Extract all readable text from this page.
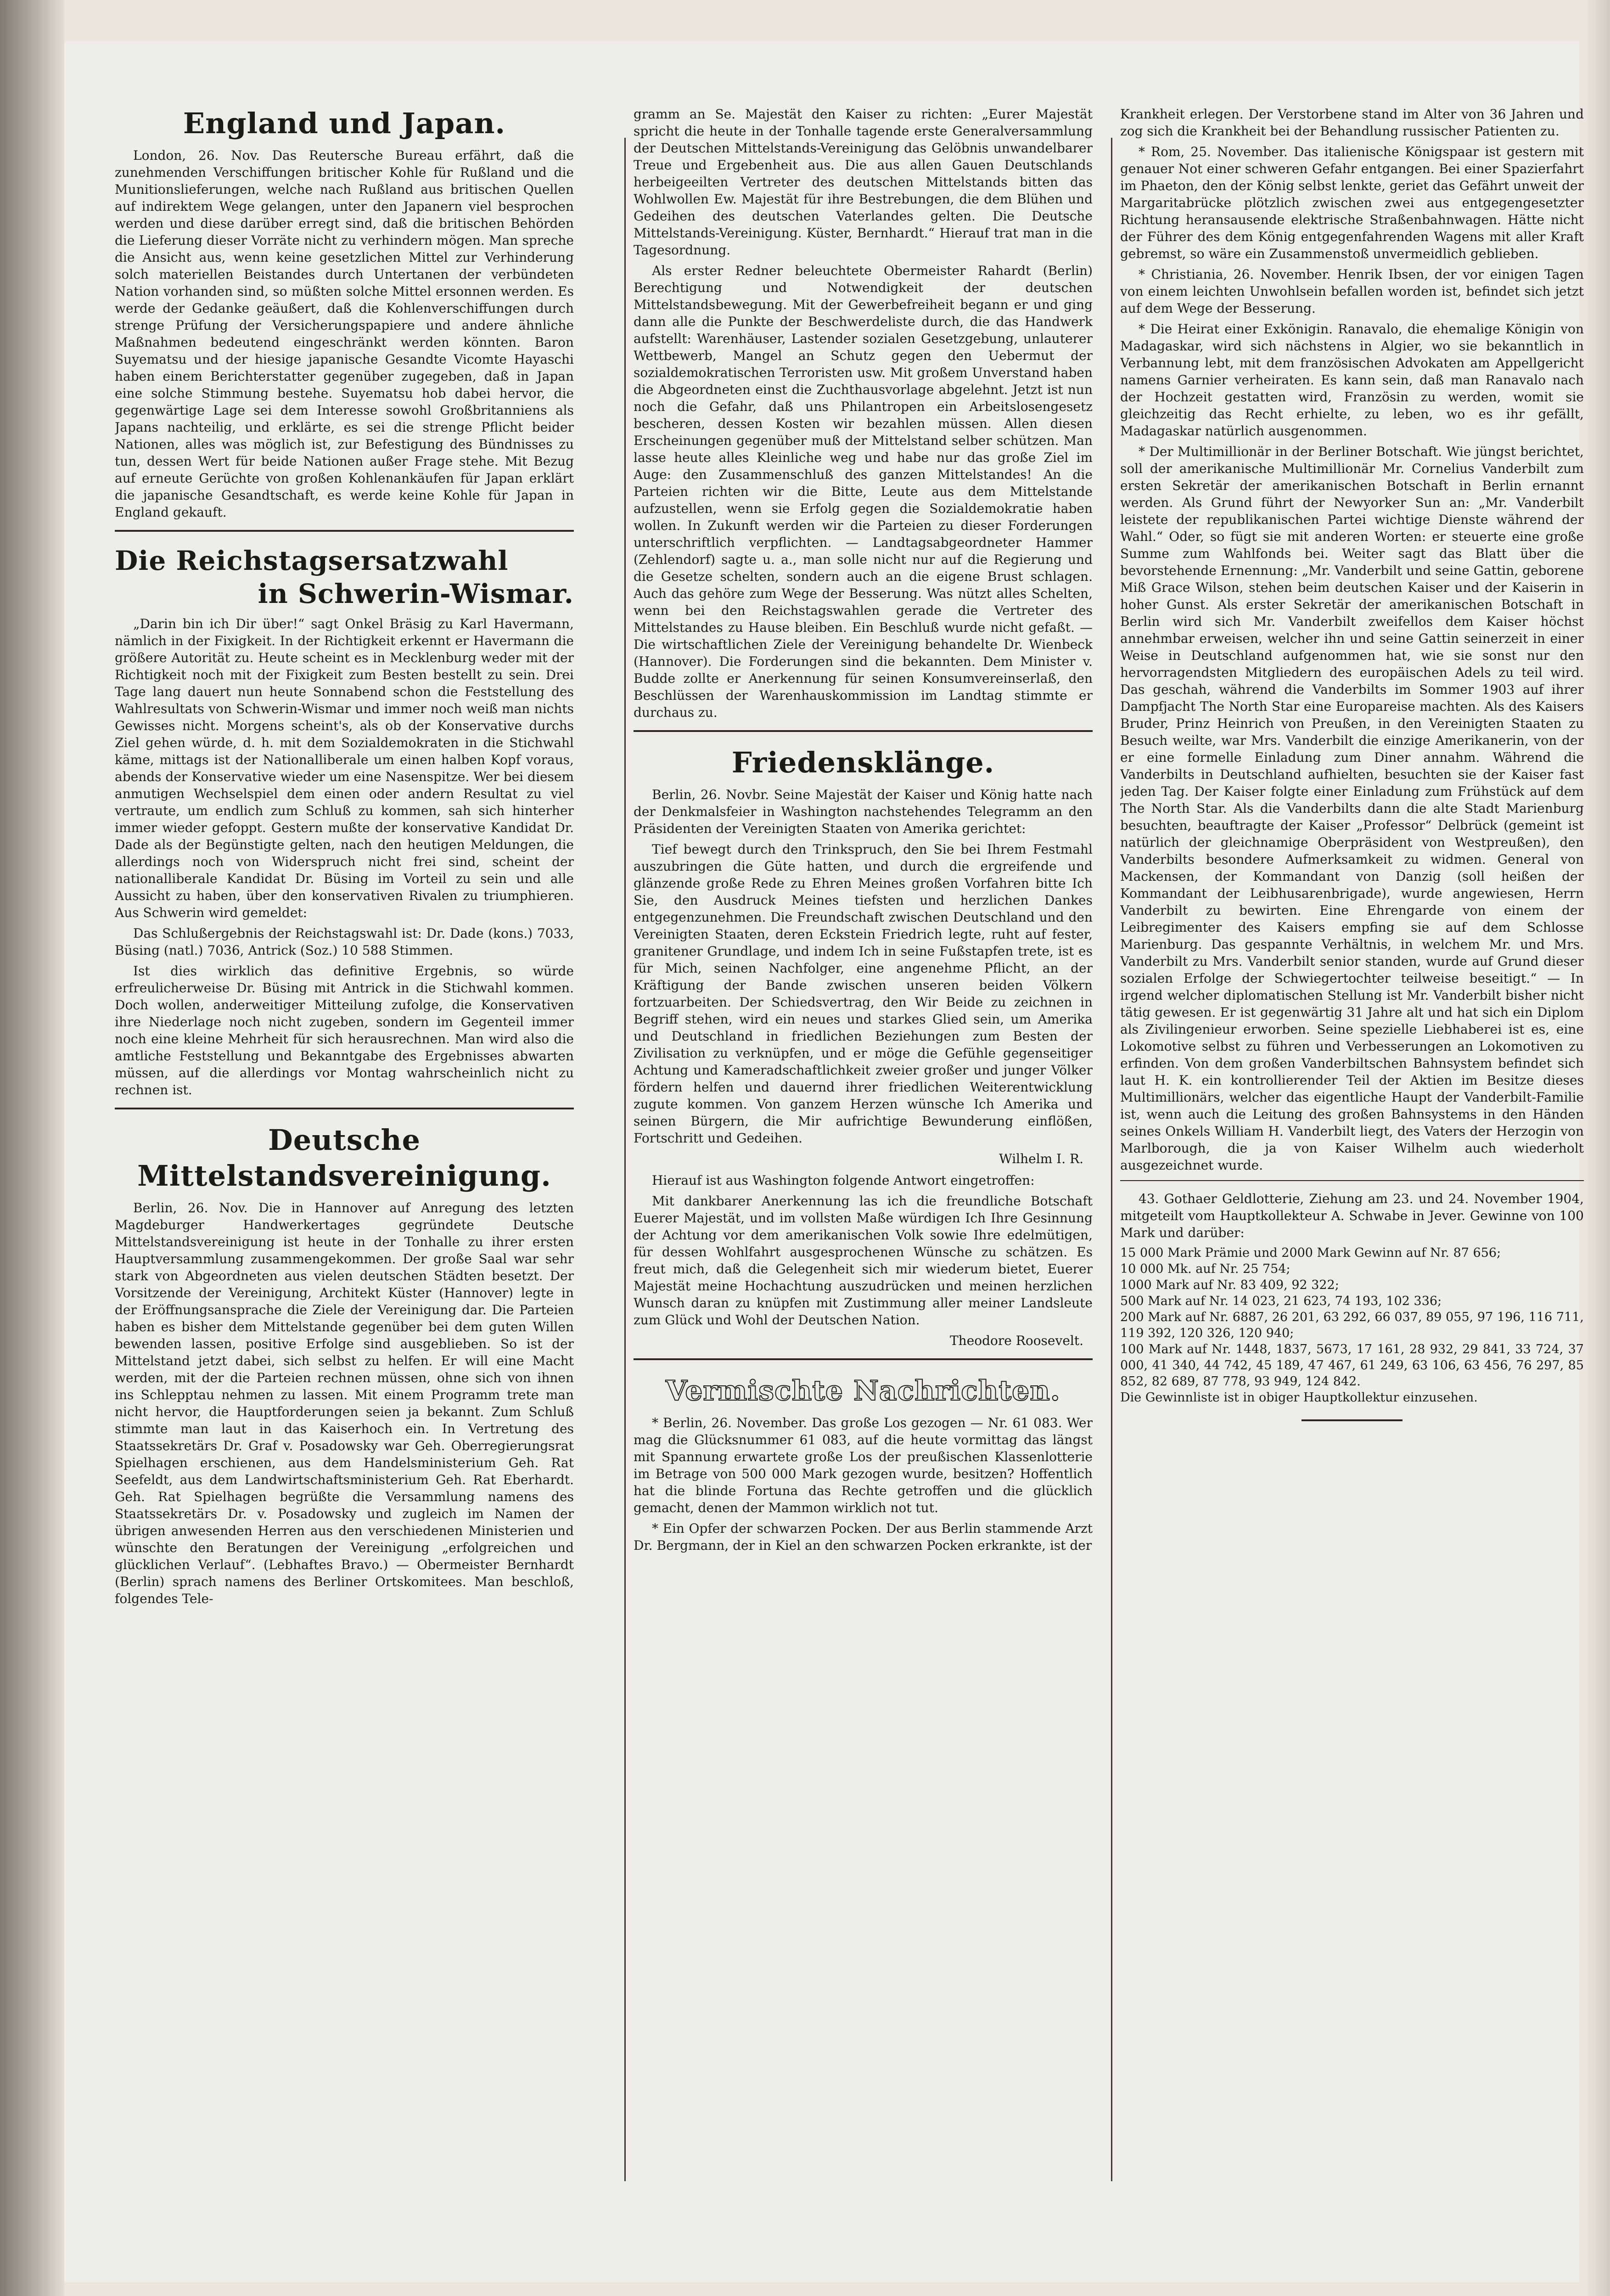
England und Japan.

London, 26. Nov. Das Reutersche Bureau erfährt, daß die zunehmenden Verschiffungen britischer Kohle für Rußland und die Munitionslieferungen, welche nach Rußland aus britischen Quellen auf indirektem Wege gelangen, unter den Japanern viel besprochen werden und diese darüber erregt sind, daß die britischen Behörden die Lieferung dieser Vorräte nicht zu verhindern mögen. Man spreche die Ansicht aus, wenn keine gesetzlichen Mittel zur Verhinderung solch materiellen Beistandes durch Untertanen der verbündeten Nation vorhanden sind, so müßten solche Mittel ersonnen werden. Es werde der Gedanke geäußert, daß die Kohlenverschiffungen durch strenge Prüfung der Versicherungspapiere und andere ähnliche Maßnahmen bedeutend eingeschränkt werden könnten. Baron Suyematsu und der hiesige japanische Gesandte Vicomte Hayaschi haben einem Berichterstatter gegenüber zugegeben, daß in Japan eine solche Stimmung bestehe. Suyematsu hob dabei hervor, die gegenwärtige Lage sei dem Interesse sowohl Großbritanniens als Japans nachteilig, und erklärte, es sei die strenge Pflicht beider Nationen, alles was möglich ist, zur Befestigung des Bündnisses zu tun, dessen Wert für beide Nationen außer Frage stehe. Mit Bezug auf erneute Gerüchte von großen Kohlenankäufen für Japan erklärt die japanische Gesandtschaft, es werde keine Kohle für Japan in England gekauft.

Die Reichstagsersatzwahl
in Schwerin-Wismar.

„Darin bin ich Dir über!“ sagt Onkel Bräsig zu Karl Havermann, nämlich in der Fixigkeit. In der Richtigkeit erkennt er Havermann die größere Autorität zu. Heute scheint es in Mecklenburg weder mit der Richtigkeit noch mit der Fixigkeit zum Besten bestellt zu sein. Drei Tage lang dauert nun heute Sonnabend schon die Feststellung des Wahlresultats von Schwerin-Wismar und immer noch weiß man nichts Gewisses nicht. Morgens scheint's, als ob der Konservative durchs Ziel gehen würde, d. h. mit dem Sozialdemokraten in die Stichwahl käme, mittags ist der Nationalliberale um einen halben Kopf voraus, abends der Konservative wieder um eine Nasenspitze. Wer bei diesem anmutigen Wechselspiel dem einen oder andern Resultat zu viel vertraute, um endlich zum Schluß zu kommen, sah sich hinterher immer wieder gefoppt. Gestern mußte der konservative Kandidat Dr. Dade als der Begünstigte gelten, nach den heutigen Meldungen, die allerdings noch von Widerspruch nicht frei sind, scheint der nationalliberale Kandidat Dr. Büsing im Vorteil zu sein und alle Aussicht zu haben, über den konservativen Rivalen zu triumphieren. Aus Schwerin wird gemeldet:

Das Schlußergebnis der Reichstagswahl ist: Dr. Dade (kons.) 7033, Büsing (natl.) 7036, Antrick (Soz.) 10 588 Stimmen.

Ist dies wirklich das definitive Ergebnis, so würde erfreulicherweise Dr. Büsing mit Antrick in die Stichwahl kommen. Doch wollen, anderweitiger Mitteilung zufolge, die Konservativen ihre Niederlage noch nicht zugeben, sondern im Gegenteil immer noch eine kleine Mehrheit für sich herausrechnen. Man wird also die amtliche Feststellung und Bekanntgabe des Ergebnisses abwarten müssen, auf die allerdings vor Montag wahrscheinlich nicht zu rechnen ist.

Deutsche Mittelstandsvereinigung.

Berlin, 26. Nov. Die in Hannover auf Anregung des letzten Magdeburger Handwerkertages gegründete Deutsche Mittelstandsvereinigung ist heute in der Tonhalle zu ihrer ersten Hauptversammlung zusammengekommen. Der große Saal war sehr stark von Abgeordneten aus vielen deutschen Städten besetzt. Der Vorsitzende der Vereinigung, Architekt Küster (Hannover) legte in der Eröffnungsansprache die Ziele der Vereinigung dar. Die Parteien haben es bisher dem Mittelstande gegenüber bei dem guten Willen bewenden lassen, positive Erfolge sind ausgeblieben. So ist der Mittelstand jetzt dabei, sich selbst zu helfen. Er will eine Macht werden, mit der die Parteien rechnen müssen, ohne sich von ihnen ins Schlepptau nehmen zu lassen. Mit einem Programm trete man nicht hervor, die Hauptforderungen seien ja bekannt. Zum Schluß stimmte man laut in das Kaiserhoch ein. In Vertretung des Staatssekretärs Dr. Graf v. Posadowsky war Geh. Oberregierungsrat Spielhagen erschienen, aus dem Handelsministerium Geh. Rat Seefeldt, aus dem Landwirtschaftsministerium Geh. Rat Eberhardt. Geh. Rat Spielhagen begrüßte die Versammlung namens des Staatssekretärs Dr. v. Posadowsky und zugleich im Namen der übrigen anwesenden Herren aus den verschiedenen Ministerien und wünschte den Beratungen der Vereinigung „erfolgreichen und glücklichen Verlauf“. (Lebhaftes Bravo.) — Obermeister Bernhardt (Berlin) sprach namens des Berliner Ortskomitees. Man beschloß, folgendes Tele-

gramm an Se. Majestät den Kaiser zu richten: „Eurer Majestät spricht die heute in der Tonhalle tagende erste Generalversammlung der Deutschen Mittelstands-Vereinigung das Gelöbnis unwandelbarer Treue und Ergebenheit aus. Die aus allen Gauen Deutschlands herbeigeeilten Vertreter des deutschen Mittelstands bitten das Wohlwollen Ew. Majestät für ihre Bestrebungen, die dem Blühen und Gedeihen des deutschen Vaterlandes gelten. Die Deutsche Mittelstands-Vereinigung. Küster, Bernhardt.“ Hierauf trat man in die Tagesordnung.

Als erster Redner beleuchtete Obermeister Rahardt (Berlin) Berechtigung und Notwendigkeit der deutschen Mittelstandsbewegung. Mit der Gewerbefreiheit begann er und ging dann alle die Punkte der Beschwerdeliste durch, die das Handwerk aufstellt: Warenhäuser, Lastender sozialen Gesetzgebung, unlauterer Wettbewerb, Mangel an Schutz gegen den Uebermut der sozialdemokratischen Terroristen usw. Mit großem Unverstand haben die Abgeordneten einst die Zuchthausvorlage abgelehnt. Jetzt ist nun noch die Gefahr, daß uns Philantropen ein Arbeitslosengesetz bescheren, dessen Kosten wir bezahlen müssen. Allen diesen Erscheinungen gegenüber muß der Mittelstand selber schützen. Man lasse heute alles Kleinliche weg und habe nur das große Ziel im Auge: den Zusammenschluß des ganzen Mittelstandes! An die Parteien richten wir die Bitte, Leute aus dem Mittelstande aufzustellen, wenn sie Erfolg gegen die Sozialdemokratie haben wollen. In Zukunft werden wir die Parteien zu dieser Forderungen unterschriftlich verpflichten. — Landtagsabgeordneter Hammer (Zehlendorf) sagte u. a., man solle nicht nur auf die Regierung und die Gesetze schelten, sondern auch an die eigene Brust schlagen. Auch das gehöre zum Wege der Besserung. Was nützt alles Schelten, wenn bei den Reichstagswahlen gerade die Vertreter des Mittelstandes zu Hause bleiben. Ein Beschluß wurde nicht gefaßt. — Die wirtschaftlichen Ziele der Vereinigung behandelte Dr. Wienbeck (Hannover). Die Forderungen sind die bekannten. Dem Minister v. Budde zollte er Anerkennung für seinen Konsumvereinserlaß, den Beschlüssen der Warenhauskommission im Landtag stimmte er durchaus zu.

Friedensklänge.

Berlin, 26. Novbr. Seine Majestät der Kaiser und König hatte nach der Denkmalsfeier in Washington nachstehendes Telegramm an den Präsidenten der Vereinigten Staaten von Amerika gerichtet:

Tief bewegt durch den Trinkspruch, den Sie bei Ihrem Festmahl auszubringen die Güte hatten, und durch die ergreifende und glänzende große Rede zu Ehren Meines großen Vorfahren bitte Ich Sie, den Ausdruck Meines tiefsten und herzlichen Dankes entgegenzunehmen. Die Freundschaft zwischen Deutschland und den Vereinigten Staaten, deren Eckstein Friedrich legte, ruht auf fester, granitener Grundlage, und indem Ich in seine Fußstapfen trete, ist es für Mich, seinen Nachfolger, eine angenehme Pflicht, an der Kräftigung der Bande zwischen unseren beiden Völkern fortzuarbeiten. Der Schiedsvertrag, den Wir Beide zu zeichnen in Begriff stehen, wird ein neues und starkes Glied sein, um Amerika und Deutschland in friedlichen Beziehungen zum Besten der Zivilisation zu verknüpfen, und er möge die Gefühle gegenseitiger Achtung und Kameradschaftlichkeit zweier großer und junger Völker fördern helfen und dauernd ihrer friedlichen Weiterentwicklung zugute kommen. Von ganzem Herzen wünsche Ich Amerika und seinen Bürgern, die Mir aufrichtige Bewunderung einflößen, Fortschritt und Gedeihen.

Wilhelm I. R.

Hierauf ist aus Washington folgende Antwort eingetroffen:

Mit dankbarer Anerkennung las ich die freundliche Botschaft Euerer Majestät, und im vollsten Maße würdigen Ich Ihre Gesinnung der Achtung vor dem amerikanischen Volk sowie Ihre edelmütigen, für dessen Wohlfahrt ausgesprochenen Wünsche zu schätzen. Es freut mich, daß die Gelegenheit sich mir wiederum bietet, Euerer Majestät meine Hochachtung auszudrücken und meinen herzlichen Wunsch daran zu knüpfen mit Zustimmung aller meiner Landsleute zum Glück und Wohl der Deutschen Nation.

Theodore Roosevelt.

Vermischte Nachrichten.

* Berlin, 26. November. Das große Los gezogen — Nr. 61 083. Wer mag die Glücksnummer 61 083, auf die heute vormittag das längst mit Spannung erwartete große Los der preußischen Klassenlotterie im Betrage von 500 000 Mark gezogen wurde, besitzen? Hoffentlich hat die blinde Fortuna das Rechte getroffen und die glücklich gemacht, denen der Mammon wirklich not tut.

* Ein Opfer der schwarzen Pocken. Der aus Berlin stammende Arzt Dr. Bergmann, der in Kiel an den schwarzen Pocken erkrankte, ist der

Krankheit erlegen. Der Verstorbene stand im Alter von 36 Jahren und zog sich die Krankheit bei der Behandlung russischer Patienten zu.

* Rom, 25. November. Das italienische Königspaar ist gestern mit genauer Not einer schweren Gefahr entgangen. Bei einer Spazierfahrt im Phaeton, den der König selbst lenkte, geriet das Gefährt unweit der Margaritabrücke plötzlich zwischen zwei aus entgegengesetzter Richtung heransausende elektrische Straßenbahnwagen. Hätte nicht der Führer des dem König entgegenfahrenden Wagens mit aller Kraft gebremst, so wäre ein Zusammenstoß unvermeidlich geblieben.

* Christiania, 26. November. Henrik Ibsen, der vor einigen Tagen von einem leichten Unwohlsein befallen worden ist, befindet sich jetzt auf dem Wege der Besserung.

* Die Heirat einer Exkönigin. Ranavalo, die ehemalige Königin von Madagaskar, wird sich nächstens in Algier, wo sie bekanntlich in Verbannung lebt, mit dem französischen Advokaten am Appellgericht namens Garnier verheiraten. Es kann sein, daß man Ranavalo nach der Hochzeit gestatten wird, Französin zu werden, womit sie gleichzeitig das Recht erhielte, zu leben, wo es ihr gefällt, Madagaskar natürlich ausgenommen.

* Der Multimillionär in der Berliner Botschaft. Wie jüngst berichtet, soll der amerikanische Multimillionär Mr. Cornelius Vanderbilt zum ersten Sekretär der amerikanischen Botschaft in Berlin ernannt werden. Als Grund führt der Newyorker Sun an: „Mr. Vanderbilt leistete der republikanischen Partei wichtige Dienste während der Wahl.“ Oder, so fügt sie mit anderen Worten: er steuerte eine große Summe zum Wahlfonds bei. Weiter sagt das Blatt über die bevorstehende Ernennung: „Mr. Vanderbilt und seine Gattin, geborene Miß Grace Wilson, stehen beim deutschen Kaiser und der Kaiserin in hoher Gunst. Als erster Sekretär der amerikanischen Botschaft in Berlin wird sich Mr. Vanderbilt zweifellos dem Kaiser höchst annehmbar erweisen, welcher ihn und seine Gattin seinerzeit in einer Weise in Deutschland aufgenommen hat, wie sie sonst nur den hervorragendsten Mitgliedern des europäischen Adels zu teil wird. Das geschah, während die Vanderbilts im Sommer 1903 auf ihrer Dampfjacht The North Star eine Europareise machten. Als des Kaisers Bruder, Prinz Heinrich von Preußen, in den Vereinigten Staaten zu Besuch weilte, war Mrs. Vanderbilt die einzige Amerikanerin, von der er eine formelle Einladung zum Diner annahm. Während die Vanderbilts in Deutschland aufhielten, besuchten sie der Kaiser fast jeden Tag. Der Kaiser folgte einer Einladung zum Frühstück auf dem The North Star. Als die Vanderbilts dann die alte Stadt Marienburg besuchten, beauftragte der Kaiser „Professor“ Delbrück (gemeint ist natürlich der gleichnamige Oberpräsident von Westpreußen), den Vanderbilts besondere Aufmerksamkeit zu widmen. General von Mackensen, der Kommandant von Danzig (soll heißen der Kommandant der Leibhusarenbrigade), wurde angewiesen, Herrn Vanderbilt zu bewirten. Eine Ehrengarde von einem der Leibregimenter des Kaisers empfing sie auf dem Schlosse Marienburg. Das gespannte Verhältnis, in welchem Mr. und Mrs. Vanderbilt zu Mrs. Vanderbilt senior standen, wurde auf Grund dieser sozialen Erfolge der Schwiegertochter teilweise beseitigt.“ — In irgend welcher diplomatischen Stellung ist Mr. Vanderbilt bisher nicht tätig gewesen. Er ist gegenwärtig 31 Jahre alt und hat sich ein Diplom als Zivilingenieur erworben. Seine spezielle Liebhaberei ist es, eine Lokomotive selbst zu führen und Verbesserungen an Lokomotiven zu erfinden. Von dem großen Vanderbiltschen Bahnsystem befindet sich laut H. K. ein kontrollierender Teil der Aktien im Besitze dieses Multimillionärs, welcher das eigentliche Haupt der Vanderbilt-Familie ist, wenn auch die Leitung des großen Bahnsystems in den Händen seines Onkels William H. Vanderbilt liegt, des Vaters der Herzogin von Marlborough, die ja von Kaiser Wilhelm auch wiederholt ausgezeichnet wurde.

43. Gothaer Geldlotterie, Ziehung am 23. und 24. November 1904, mitgeteilt vom Hauptkollekteur A. Schwabe in Jever. Gewinne von 100 Mark und darüber:

15 000 Mark Prämie und 2000 Mark Gewinn auf Nr. 87 656;
10 000 Mk. auf Nr. 25 754;
1000 Mark auf Nr. 83 409, 92 322;
500 Mark auf Nr. 14 023, 21 623, 74 193, 102 336;
200 Mark auf Nr. 6887, 26 201, 63 292, 66 037, 89 055, 97 196, 116 711, 119 392, 120 326, 120 940;
100 Mark auf Nr. 1448, 1837, 5673, 17 161, 28 932, 29 841, 33 724, 37 000, 41 340, 44 742, 45 189, 47 467, 61 249, 63 106, 63 456, 76 297, 85 852, 82 689, 87 778, 93 949, 124 842.
Die Gewinnliste ist in obiger Hauptkollektur einzusehen.
